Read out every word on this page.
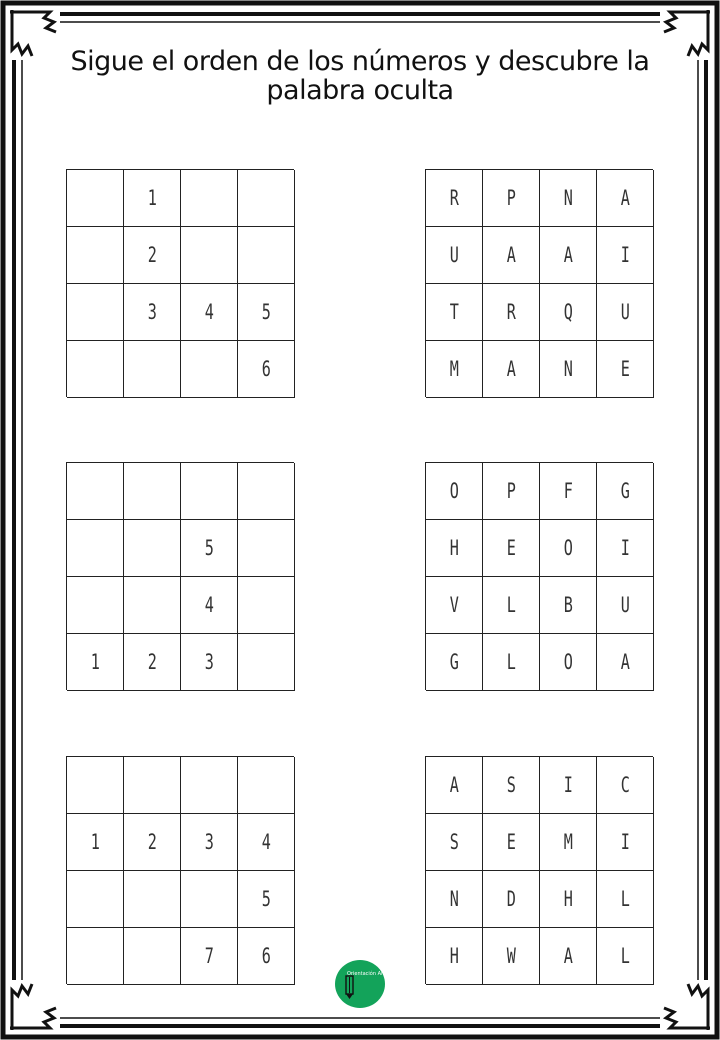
Sigue el orden de los números y descubre la
palabra oculta
1
2
3 4 5
6
R P N A
U A A I
T R Q U
M A N E
5
4
1 2 3
O P F G
H E O I
V L B U
G L O A
1 2 3 4
5
7 6
A S I C
S E M I
N D H L
H W A L
Orientación Andújar
